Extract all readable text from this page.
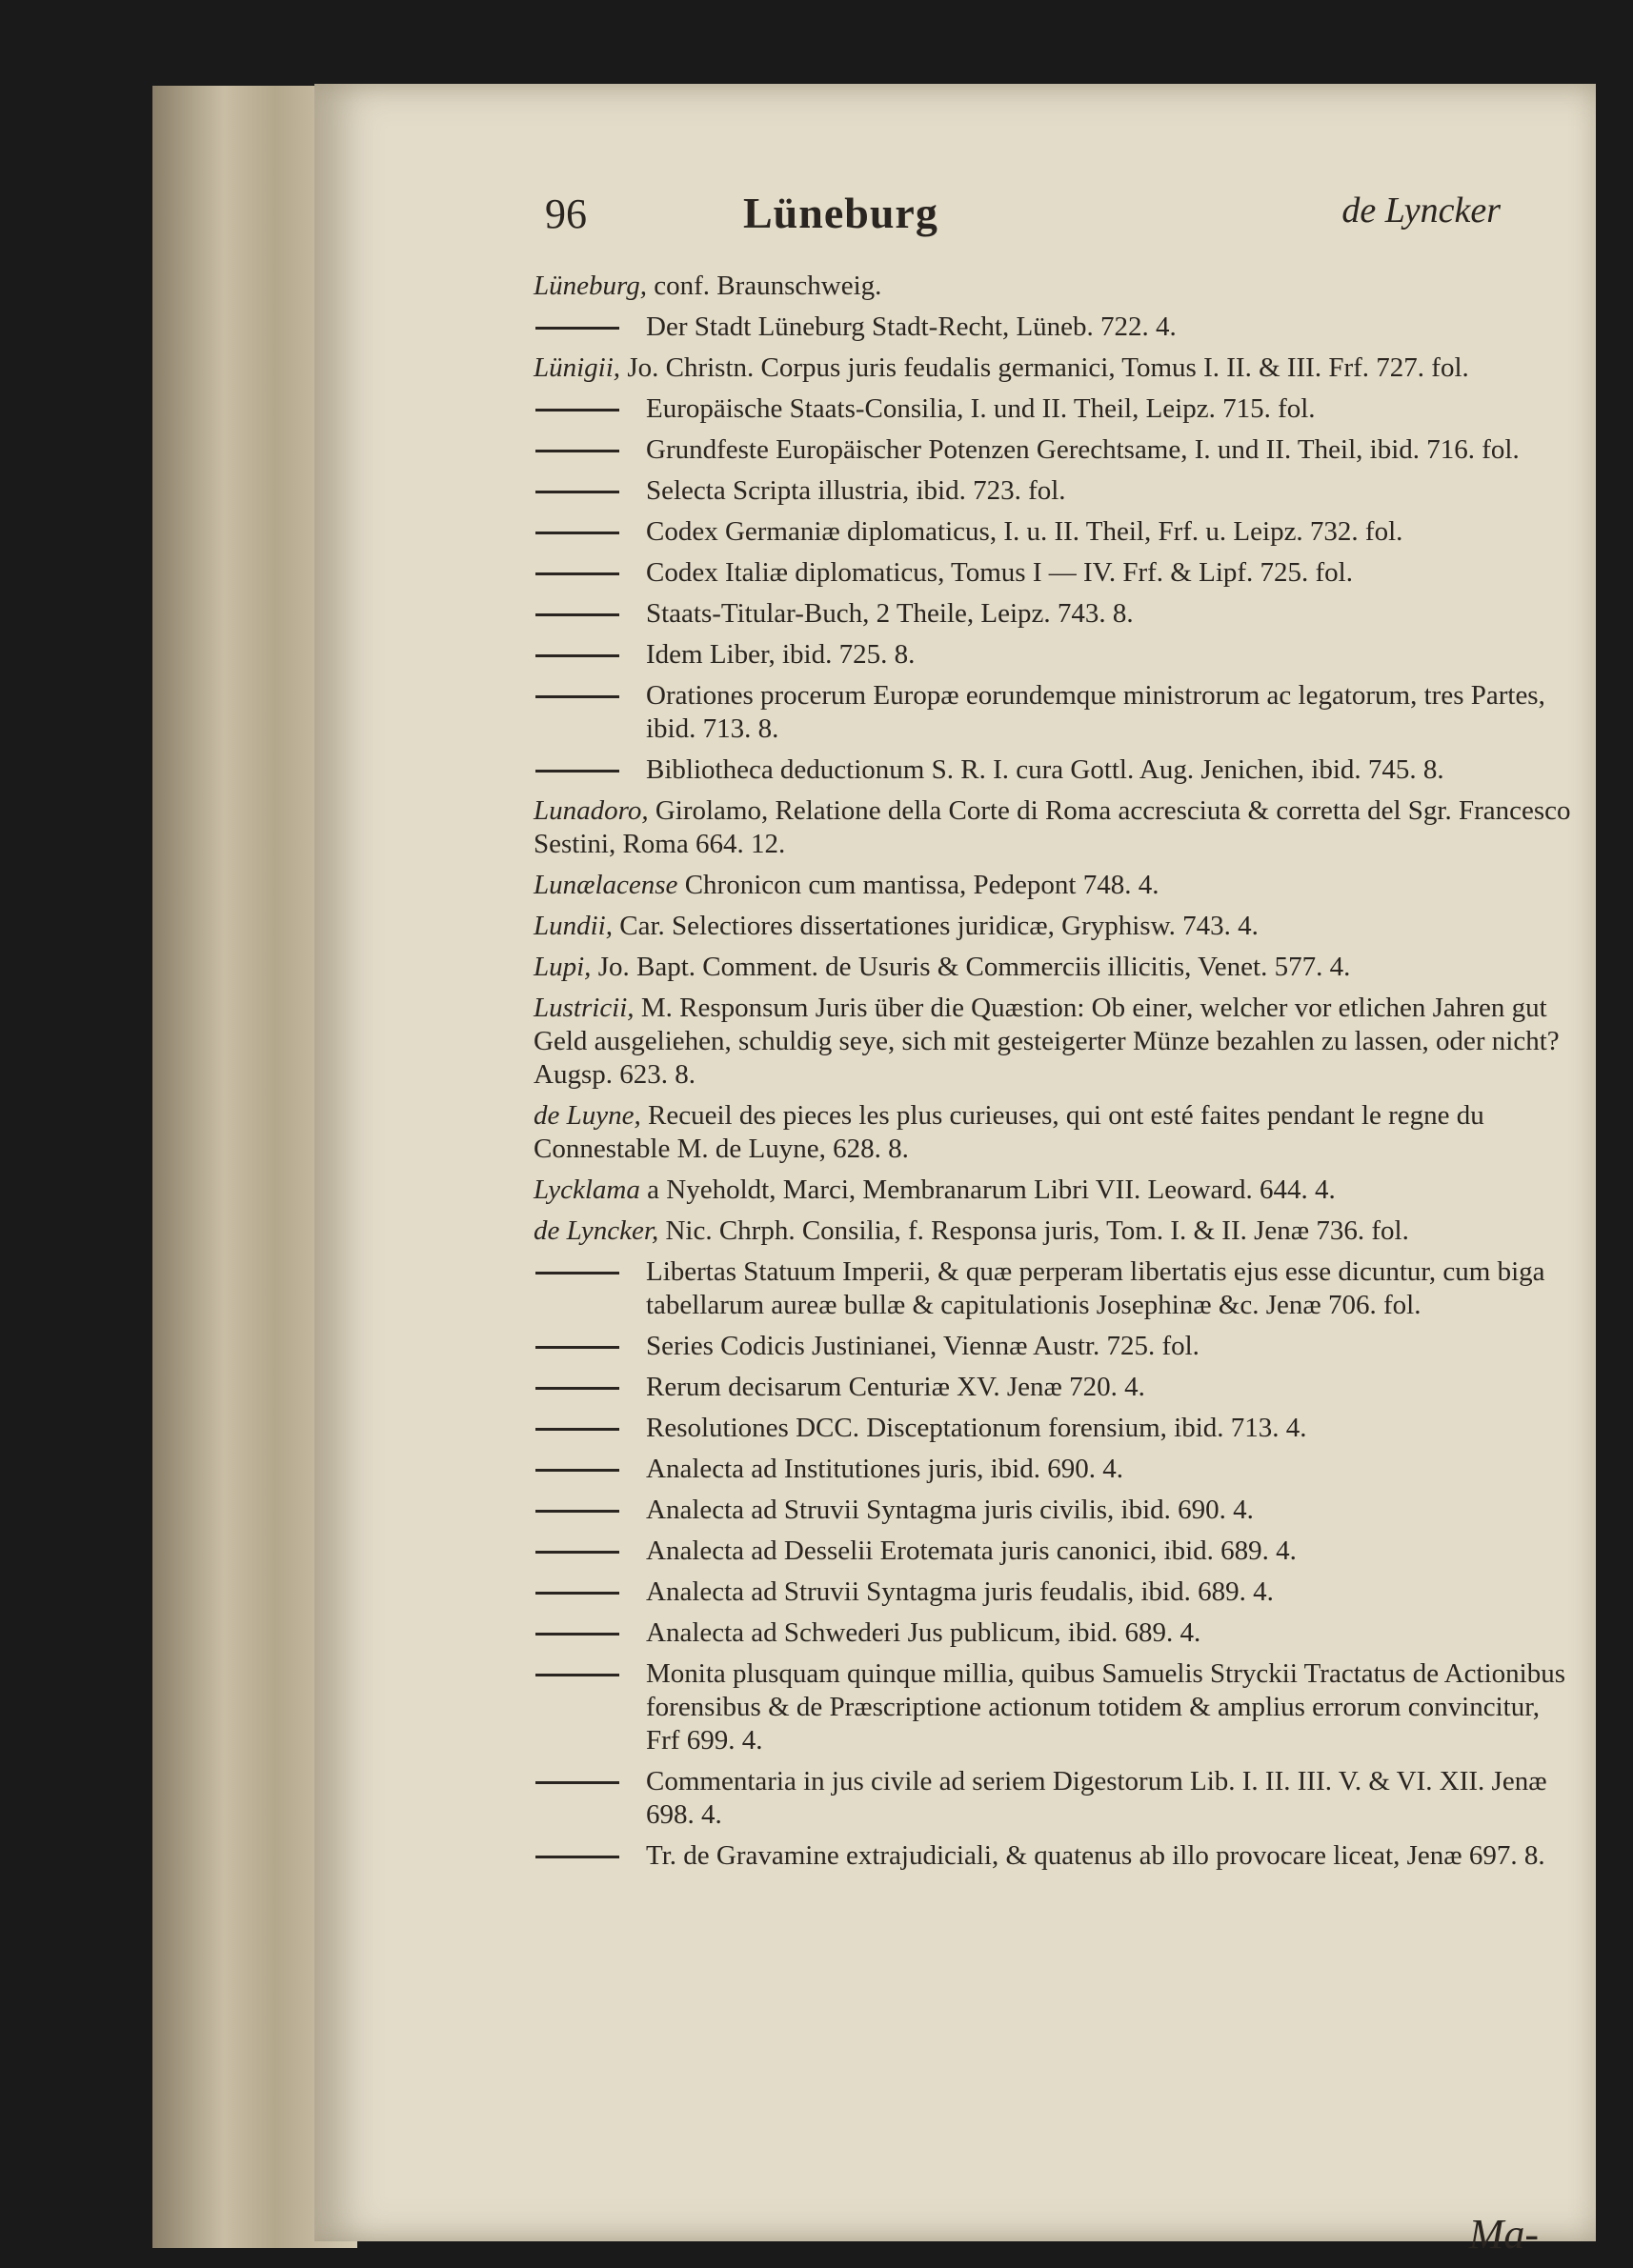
96	Lüneburg	de Lyncker
Lüneburg, conf. Braunschweig.
Der Stadt Lüneburg Stadt-Recht, Lüneb. 722. 4.
Lünigii, Jo. Christn. Corpus juris feudalis germanici, Tomus I. II. & III. Frf. 727. fol.
Europäische Staats-Consilia, I. und II. Theil, Leipz. 715. fol.
Grundfeste Europäischer Potenzen Gerechtsame, I. und II. Theil, ibid. 716. fol.
Selecta Scripta illustria, ibid. 723. fol.
Codex Germaniæ diplomaticus, I. u. II. Theil, Frf. u. Leipz. 732. fol.
Codex Italiæ diplomaticus, Tomus I — IV. Frf. & Lipf. 725. fol.
Staats-Titular-Buch, 2 Theile, Leipz. 743. 8.
Idem Liber, ibid. 725. 8.
Orationes procerum Europæ eorundemque ministrorum ac legatorum, tres Partes, ibid. 713. 8.
Bibliotheca deductionum S. R. I. cura Gottl. Aug. Jenichen, ibid. 745. 8.
Lunadoro, Girolamo, Relatione della Corte di Roma accresciuta & corretta del Sgr. Francesco Sestini, Roma 664. 12.
Lunælacense Chronicon cum mantissa, Pedepont 748. 4.
Lundii, Car. Selectiores dissertationes juridicæ, Gryphisw. 743. 4.
Lupi, Jo. Bapt. Comment. de Usuris & Commerciis illicitis, Venet. 577. 4.
Lustricii, M. Responsum Juris über die Quæstion: Ob einer, welcher vor etlichen Jahren gut Geld ausgeliehen, schuldig seye, sich mit gesteigerter Münze bezahlen zu lassen, oder nicht? Augsp. 623. 8.
de Luyne, Recueil des pieces les plus curieuses, qui ont esté faites pendant le regne du Connestable M. de Luyne, 628. 8.
Lycklama a Nyeholdt, Marci, Membranarum Libri VII. Leoward. 644. 4.
de Lyncker, Nic. Chrph. Consilia, f. Responsa juris, Tom. I. & II. Jenæ 736. fol.
Libertas Statuum Imperii, & quæ perperam libertatis ejus esse dicuntur, cum biga tabellarum aureæ bullæ & capitulationis Josephinæ &c. Jenæ 706. fol.
Series Codicis Justinianei, Viennæ Austr. 725. fol.
Rerum decisarum Centuriæ XV. Jenæ 720. 4.
Resolutiones DCC. Disceptationum forensium, ibid. 713. 4.
Analecta ad Institutiones juris, ibid. 690. 4.
Analecta ad Struvii Syntagma juris civilis, ibid. 690. 4.
Analecta ad Desselii Erotemata juris canonici, ibid. 689. 4.
Analecta ad Struvii Syntagma juris feudalis, ibid. 689. 4.
Analecta ad Schwederi Jus publicum, ibid. 689. 4.
Monita plusquam quinque millia, quibus Samuelis Stryckii Tractatus de Actionibus forensibus & de Præscriptione actionum totidem & amplius errorum convincitur, Frf 699. 4.
Commentaria in jus civile ad seriem Digestorum Lib. I. II. III. V. & VI. XII. Jenæ 698. 4.
Tr. de Gravamine extrajudiciali, & quatenus ab illo provocare liceat, Jenæ 697. 8.
Ma-
